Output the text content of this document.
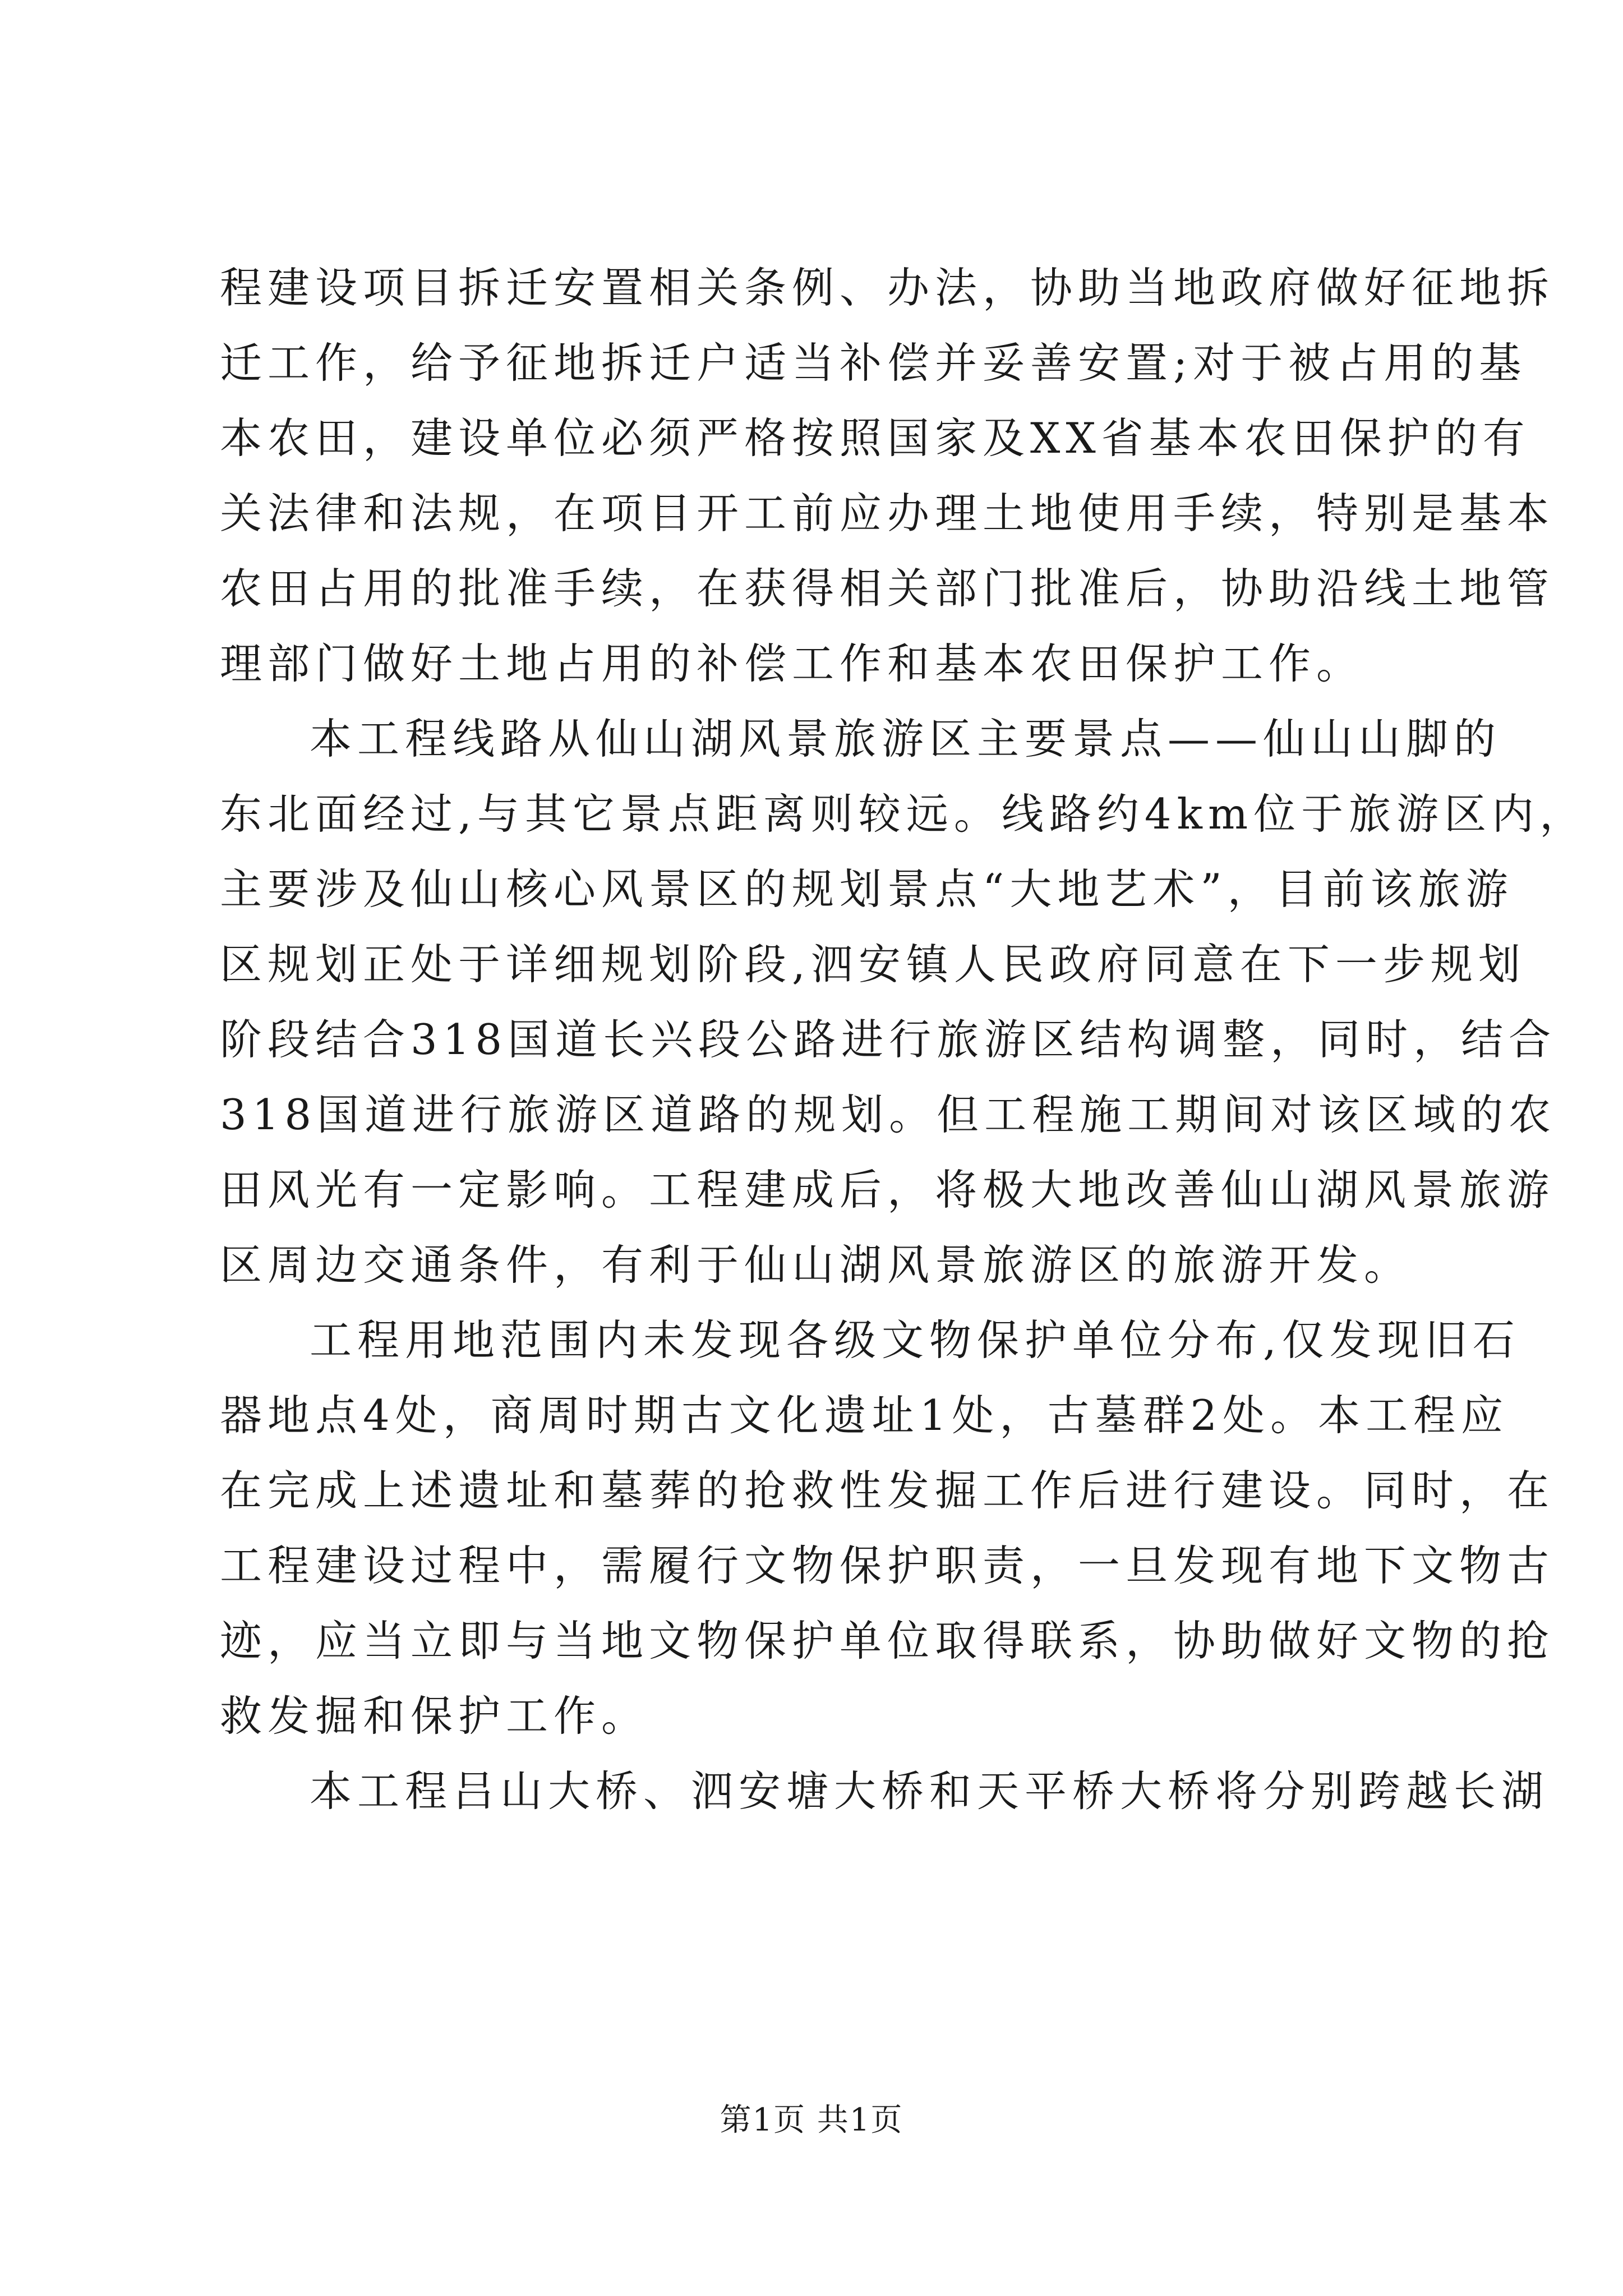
程建设项目拆迁安置相关条例、办法，协助当地政府做好征地拆
迁工作，给予征地拆迁户适当补偿并妥善安置;对于被占用的基
本农田，建设单位必须严格按照国家及XX省基本农田保护的有
关法律和法规，在项目开工前应办理土地使用手续，特别是基本
农田占用的批准手续，在获得相关部门批准后，协助沿线土地管
理部门做好土地占用的补偿工作和基本农田保护工作。
本工程线路从仙山湖风景旅游区主要景点——仙山山脚的
东北面经过,与其它景点距离则较远。线路约4km位于旅游区内，
主要涉及仙山核心风景区的规划景点“大地艺术”，目前该旅游
区规划正处于详细规划阶段,泗安镇人民政府同意在下一步规划
阶段结合318国道长兴段公路进行旅游区结构调整，同时，结合
318国道进行旅游区道路的规划。但工程施工期间对该区域的农
田风光有一定影响。工程建成后，将极大地改善仙山湖风景旅游
区周边交通条件，有利于仙山湖风景旅游区的旅游开发。
工程用地范围内未发现各级文物保护单位分布,仅发现旧石
器地点4处，商周时期古文化遗址1处，古墓群2处。本工程应
在完成上述遗址和墓葬的抢救性发掘工作后进行建设。同时，在
工程建设过程中，需履行文物保护职责，一旦发现有地下文物古
迹，应当立即与当地文物保护单位取得联系，协助做好文物的抢
救发掘和保护工作。
本工程吕山大桥、泗安塘大桥和天平桥大桥将分别跨越长湖
第1页 共1页
